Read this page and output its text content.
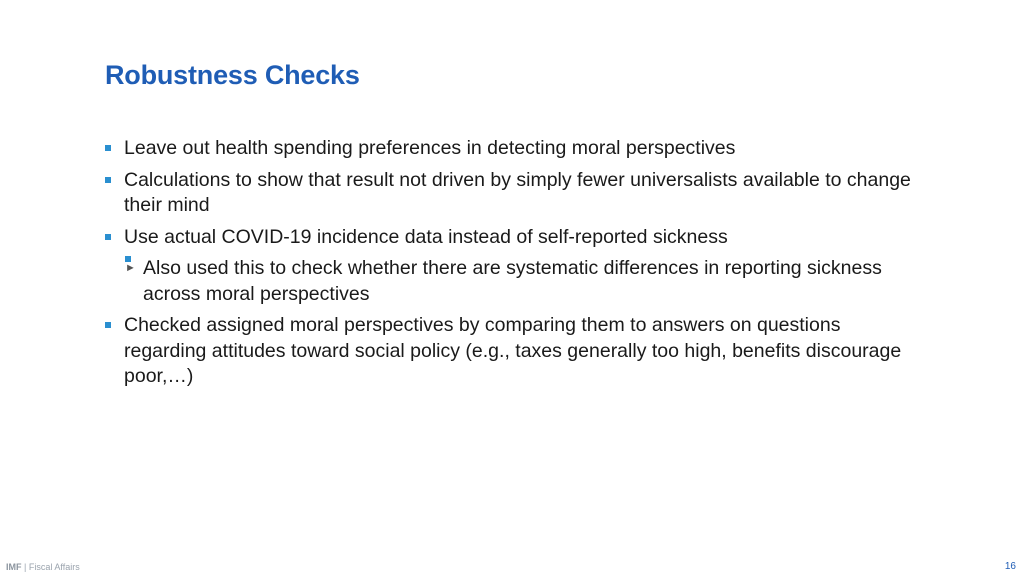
Robustness Checks
Leave out health spending preferences in detecting moral perspectives
Calculations to show that result not driven by simply fewer universalists available to change their mind
Use actual COVID-19 incidence data instead of self-reported sickness
► Also used this to check whether there are systematic differences in reporting sickness across moral perspectives
Checked assigned moral perspectives by comparing them to answers on questions regarding attitudes toward social policy (e.g., taxes generally too high, benefits discourage poor,…)
IMF | Fiscal Affairs	16
